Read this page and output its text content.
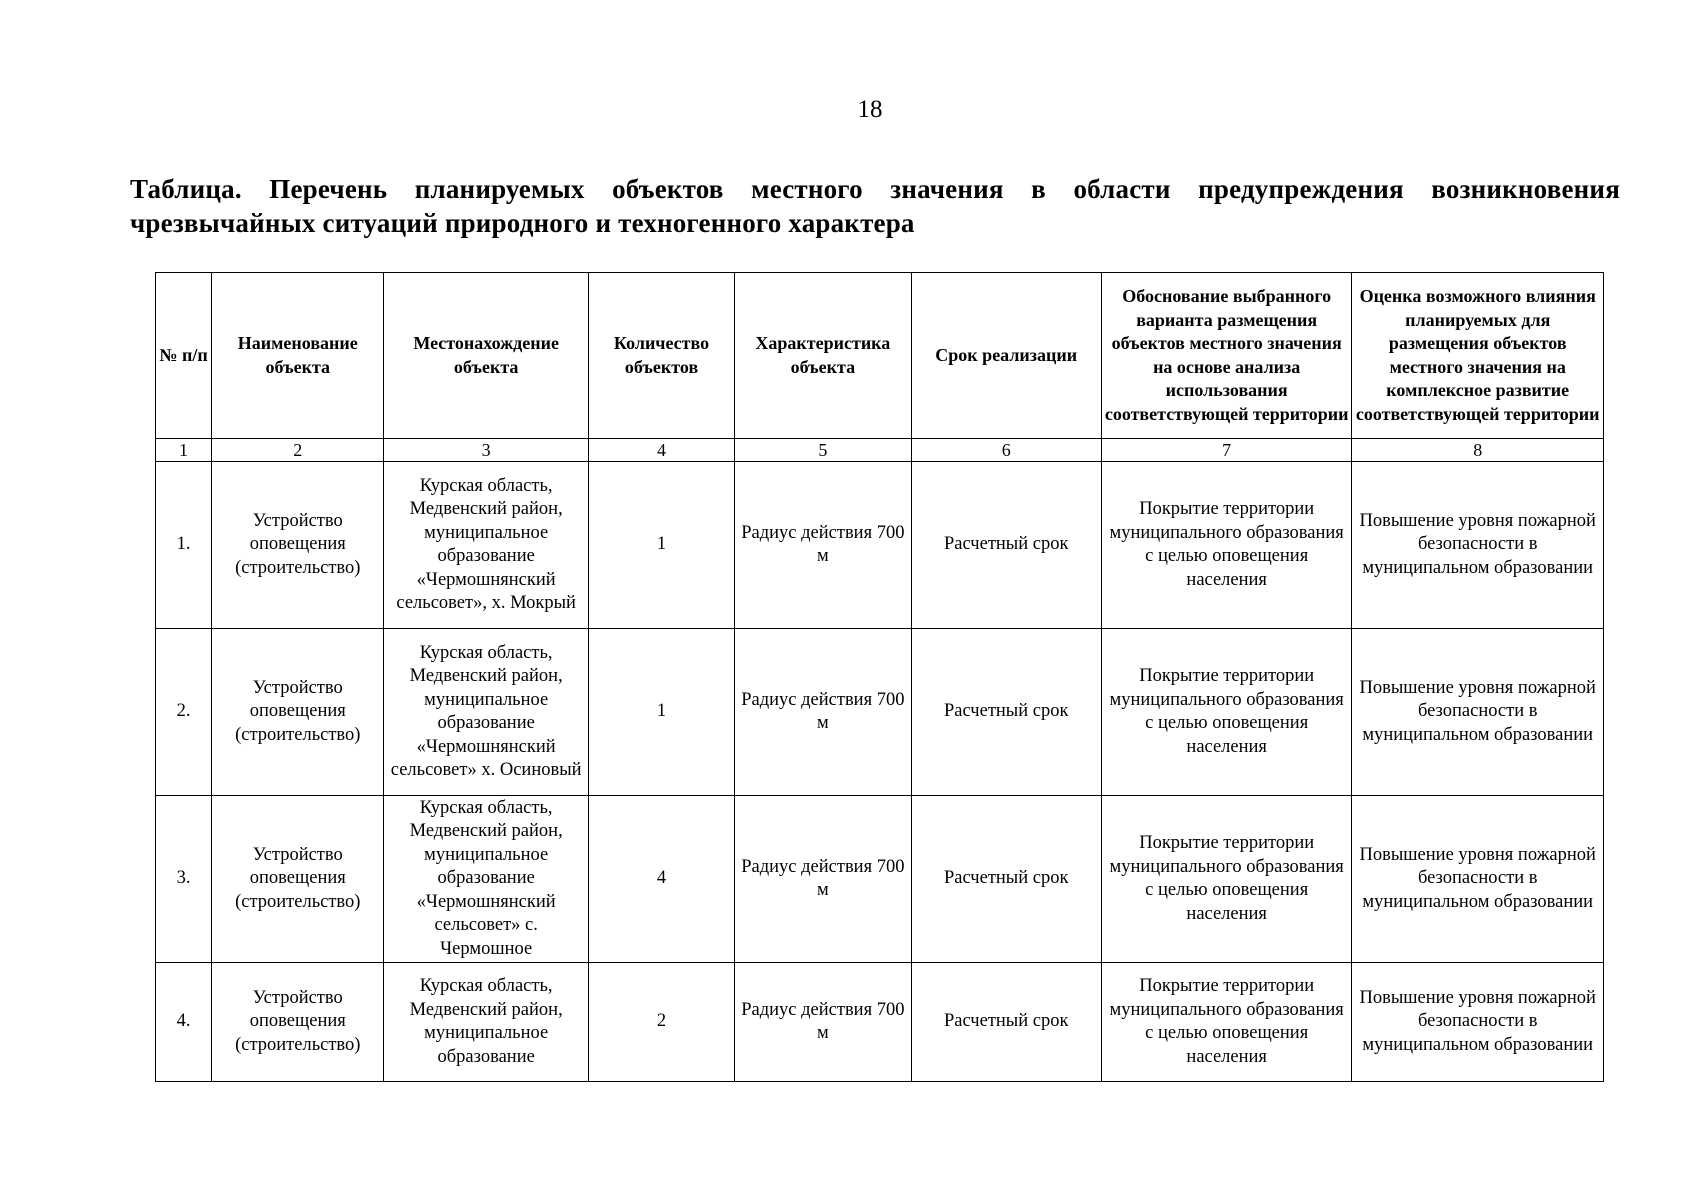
18
Таблица. Перечень планируемых объектов местного значения в области предупреждения возникновения чрезвычайных ситуаций природного и техногенного характера
№ п/п	Наименование объекта	Местонахождение объекта	Количество объектов	Характеристика объекта	Срок реализации	Обоснование выбранного варианта размещения объектов местного значения на основе анализа использования соответствующей территории	Оценка возможного влияния планируемых для размещения объектов местного значения на комплексное развитие соответствующей территории
1	2	3	4	5	6	7	8
1.	Устройство оповещения (строительство)	Курская область, Медвенский район, муниципальное образование «Чермошнянский сельсовет», х. Мокрый	1	Радиус действия 700 м	Расчетный срок	Покрытие территории муниципального образования с целью оповещения населения	Повышение уровня пожарной безопасности в муниципальном образовании
2.	Устройство оповещения (строительство)	Курская область, Медвенский район, муниципальное образование «Чермошнянский сельсовет» х. Осиновый	1	Радиус действия 700 м	Расчетный срок	Покрытие территории муниципального образования с целью оповещения населения	Повышение уровня пожарной безопасности в муниципальном образовании
3.	Устройство оповещения (строительство)	Курская область, Медвенский район, муниципальное образование «Чермошнянский сельсовет» с. Чермошное	4	Радиус действия 700 м	Расчетный срок	Покрытие территории муниципального образования с целью оповещения населения	Повышение уровня пожарной безопасности в муниципальном образовании
4.	Устройство оповещения (строительство)	Курская область, Медвенский район, муниципальное образование	2	Радиус действия 700 м	Расчетный срок	Покрытие территории муниципального образования с целью оповещения населения	Повышение уровня пожарной безопасности в муниципальном образовании
